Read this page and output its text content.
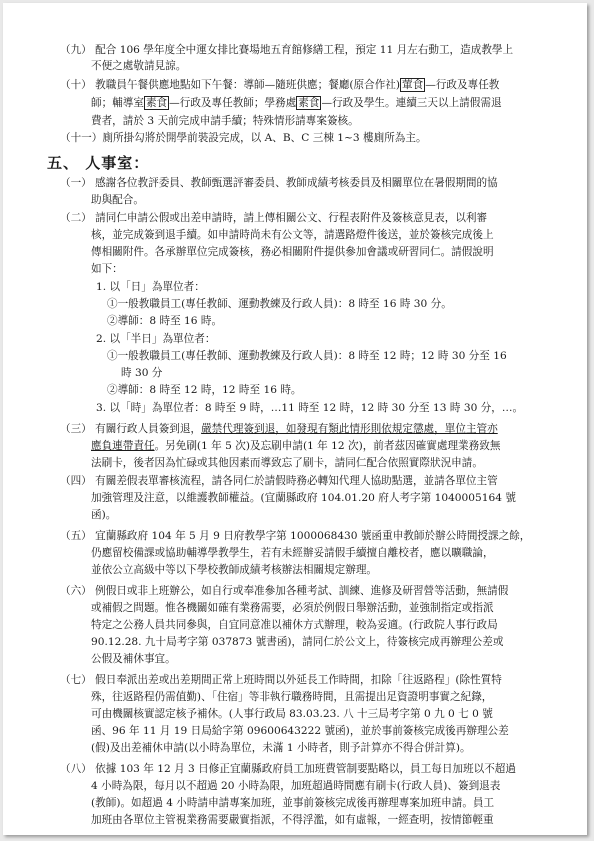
（九） 配合 106 學年度全中運女排比賽場地五育館修繕工程，預定 11 月左右動工，造成教學上
不便之處敬請見諒。
（十） 教職員午餐供應地點如下午餐：導師—隨班供應；餐廳(原合作社) 葷食 —行政及專任教
師；輔導室 素食 —行政及專任教師；學務處 素食 —行政及學生。連續三天以上請假需退
費者，請於 3 天前完成申請手續；特殊情形請專案簽核。
（十一）廁所掛勾將於開學前裝設完成，以 A、B、C 三棟 1~3 樓廁所為主。
五、 人事室：
（一） 感謝各位教評委員、教師甄選評審委員、教師成績考核委員及相關單位在暑假期間的協
助與配合。
（二） 請同仁申請公假或出差申請時，請上傳相關公文、行程表附件及簽核意見表，以利審
核，並完成簽到退手續。如申請時尚未有公文等，請選路燈件後送，並於簽核完成後上
傳相關附件。各承辦單位完成簽核，務必相關附件提供參加會議或研習同仁。請假說明
如下：
1. 以「日」為單位者：
①一般教職員工(專任教師、運動教練及行政人員)：8 時至 16 時 30 分。
②導師：8 時至 16 時。
2. 以「半日」為單位者：
①一般教職員工(專任教師、運動教練及行政人員)：8 時至 12 時；12 時 30 分至 16
時 30 分
②導師：8 時至 12 時，12 時至 16 時。
3. 以「時」為單位者：8 時至 9 時，…11 時至 12 時，12 時 30 分至 13 時 30 分，…。
（三） 有關行政人員簽到退，嚴禁代理簽到退，如發現有類此情形則依規定懲處，單位主管亦
應負連帶責任。另免刷(1 年 5 次)及忘刷申請(1 年 12 次)，前者茲因確實處理業務致無
法刷卡，後者因為忙碌或其他因素而導致忘了刷卡，請同仁配合依照實際狀況申請。
（四） 有關差假表單審核流程，請各同仁於請假時務必轉知代理人協助點選，並請各單位主管
加強管理及注意，以維護教師權益。(宜蘭縣政府 104.01.20 府人考字第 1040005164 號
函)。
（五） 宜蘭縣政府 104 年 5 月 9 日府教學字第 1000068430 號函重申教師於辦公時間授課之餘，
仍應留校備課或協助輔導學教學生，若有未經辦妥請假手續擅自離校者，應以曠職論，
並依公立高級中等以下學校教師成績考核辦法相關規定辦理。
（六） 例假日或非上班辦公，如自行或奉准參加各種考試、訓練、進修及研習營等活動，無請假
或補假之問題。惟各機關如確有業務需要，必須於例假日舉辦活動，並強制指定或指派
特定之公務人員共同參與，自宜同意准以補休方式辦理，較為妥適。(行政院人事行政局
90.12.28. 九十局考字第 037873 號書函)，請同仁於公文上，待簽核完成再辦理公差或
公假及補休事宜。
（七） 假日奉派出差或出差期間正常上班時間以外延長工作時間，扣除「往返路程」(除性質特
殊，往返路程仍需值勤)、「住宿」等非執行職務時間，且需提出足資證明事實之紀錄，
可由機關核實認定核予補休。(人事行政局 83.03.23. 八 十三局考字第 0 九 0 七 0 號
函、96 年 11 月 19 日局給字第 09600643222 號函)，並於事前簽核完成後再辦理公差
(假)及出差補休申請(以小時為單位，未滿 1 小時者，則予計算亦不得合併計算)。
（八） 依據 103 年 12 月 3 日修正宜蘭縣政府員工加班費管制要點略以，員工每日加班以不超過
4 小時為限，每月以不超過 20 小時為限，加班超過時間應有刷卡(行政人員)、簽到退表
(教師)。如超過 4 小時請申請專案加班，並事前簽核完成後再辦理專案加班申請。員工
加班由各單位主管視業務需要嚴實指派，不得浮濫，如有虛報，一經查明，按情節輕重
